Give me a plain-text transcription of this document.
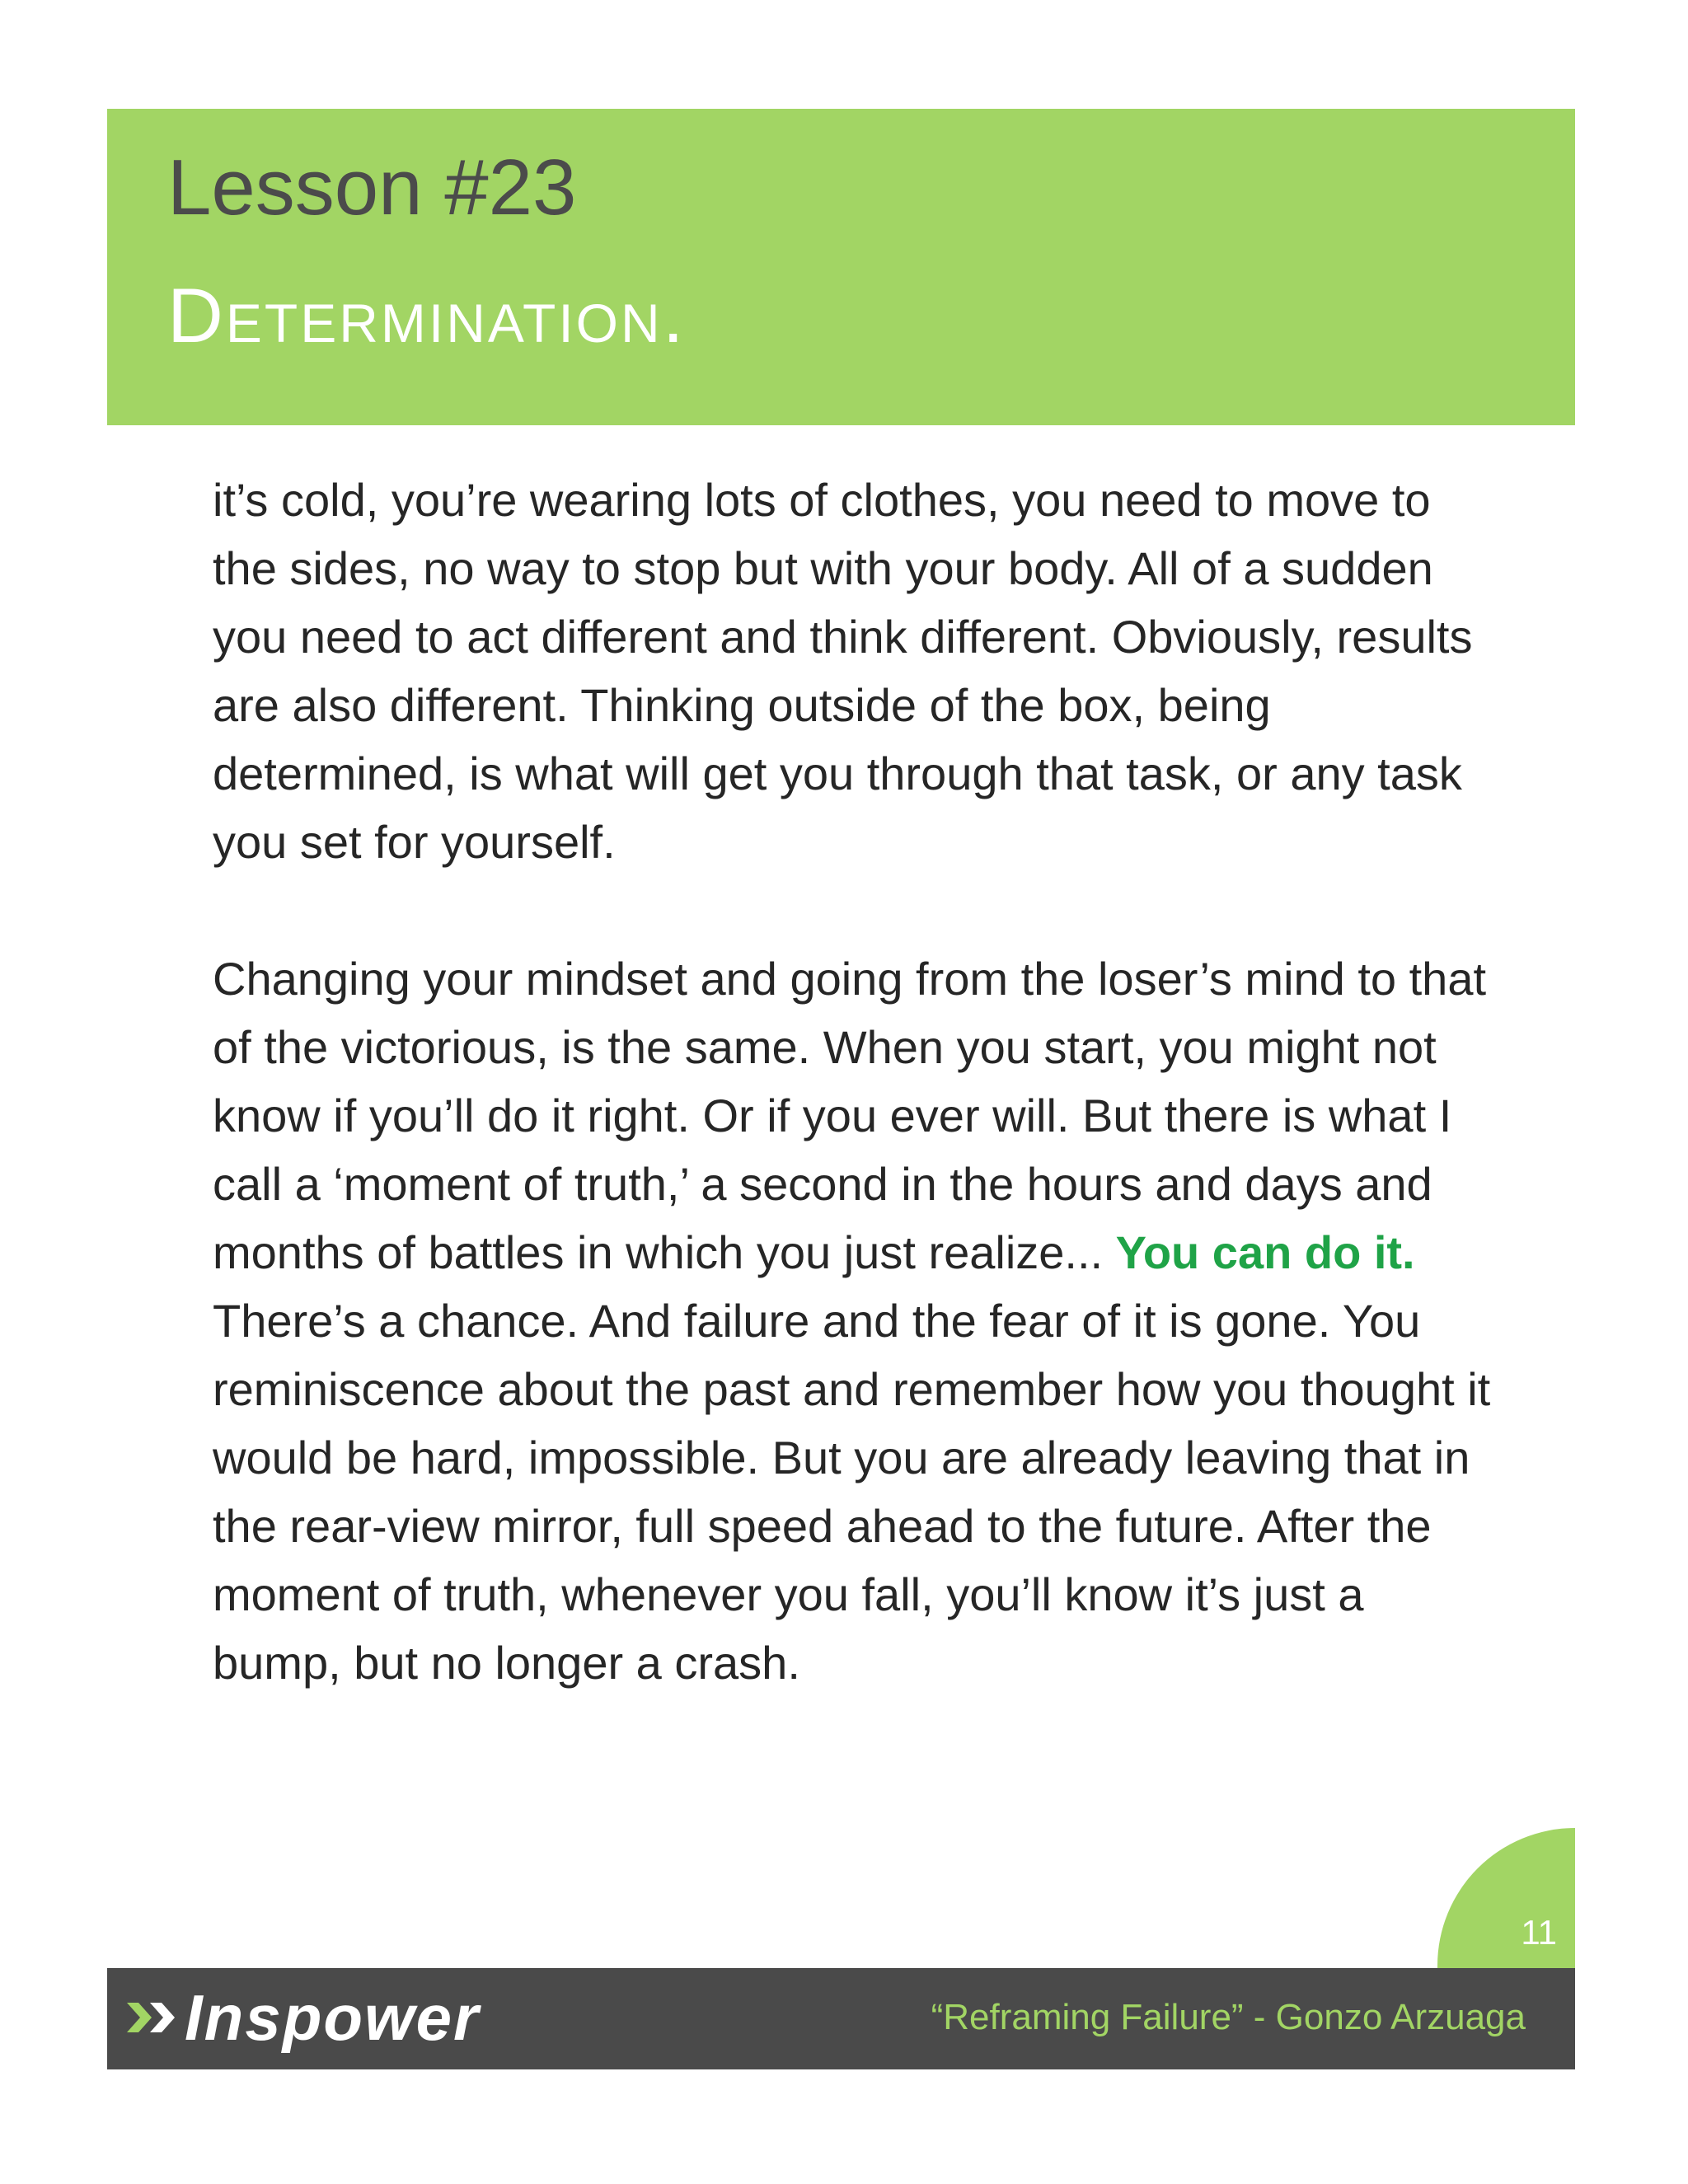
Lesson #23
Determination.

it’s cold, you’re wearing lots of clothes, you need to move to the sides, no way to stop but with your body. All of a sudden you need to act different and think different. Obviously, results are also different. Thinking outside of the box, being determined, is what will get you through that task, or any task you set for yourself.

Changing your mindset and going from the loser’s mind to that of the victorious, is the same. When you start, you might not know if you’ll do it right. Or if you ever will. But there is what I call a ‘moment of truth,’ a second in the hours and days and months of battles in which you just realize... You can do it. There’s a chance. And failure and the fear of it is gone. You reminiscence about the past and remember how you thought it would be hard, impossible. But you are already leaving that in the rear-view mirror, full speed ahead to the future. After the moment of truth, whenever you fall, you’ll know it’s just a bump, but no longer a crash.

11
Inspower	“Reframing Failure” - Gonzo Arzuaga
